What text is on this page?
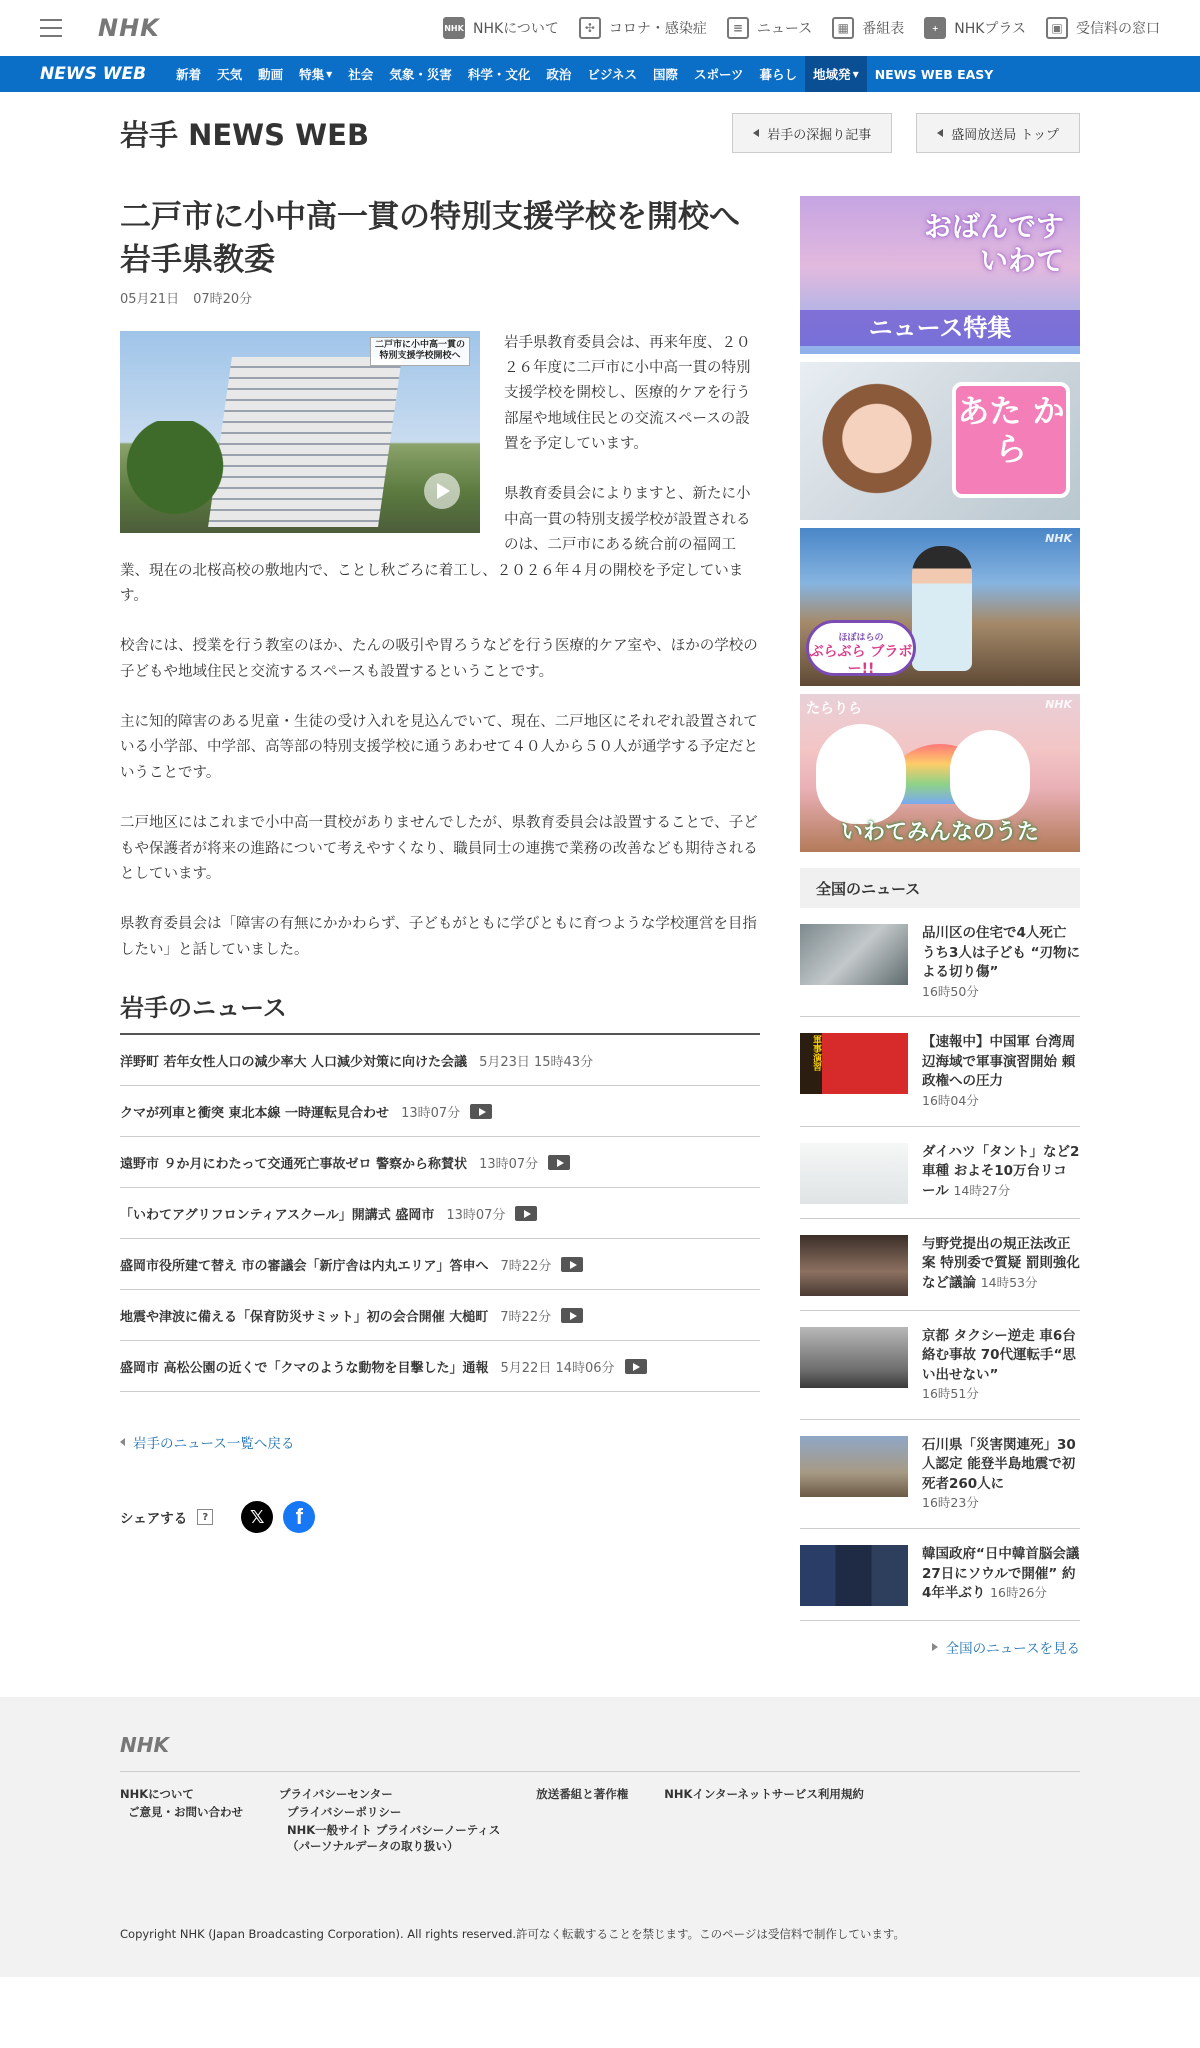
NHK	NHK NHKについて	✣ コロナ・感染症	≡ ニュース	▦ 番組表	+	NHKプラス	▣ 受信料の窓口
NEWS WEB	新着	天気	動画	特集 ▼	社会	気象・災害	科学・文化	政治	ビジネス	国際	スポーツ	暮らし	地域発 ▼	NEWS WEB EASY
岩手 NEWS WEB	岩手の深掘り記事	盛岡放送局 トップ
二戸市に小中高一貫の特別支援学校を開校へ 岩手県教委
05月21日 07時20分
二戸市に小中高一貫の
特別支援学校開校へ

岩手県教育委員会は、再来年度、２０２６年度に二戸市に小中高一貫の特別支援学校を開校し、医療的ケアを行う部屋や地域住民との交流スペースの設置を予定しています。

県教育委員会によりますと、新たに小中高一貫の特別支援学校が設置されるのは、二戸市にある統合前の福岡工業、現在の北桜高校の敷地内で、ことし秋ごろに着工し、２０２６年４月の開校を予定しています。

校舎には、授業を行う教室のほか、たんの吸引や胃ろうなどを行う医療的ケア室や、ほかの学校の子どもや地域住民と交流するスペースも設置するということです。

主に知的障害のある児童・生徒の受け入れを見込んでいて、現在、二戸地区にそれぞれ設置されている小学部、中学部、高等部の特別支援学校に通うあわせて４０人から５０人が通学する予定だということです。

二戸地区にはこれまで小中高一貫校がありませんでしたが、県教育委員会は設置することで、子どもや保護者が将来の進路について考えやすくなり、職員同士の連携で業務の改善なども期待されるとしています。

県教育委員会は「障害の有無にかかわらず、子どもがともに学びともに育つような学校運営を目指したい」と話していました。

岩手のニュース
洋野町 若年女性人口の減少率大 人口減少対策に向けた会議 5月23日 15時43分
クマが列車と衝突 東北本線 一時運転見合わせ 13時07分
遠野市 ９か月にわたって交通死亡事故ゼロ 警察から称賛状 13時07分
「いわてアグリフロンティアスクール」開講式 盛岡市 13時07分
盛岡市役所建て替え 市の審議会「新庁舎は内丸エリア」答申へ 7時22分
地震や津波に備える「保育防災サミット」初の会合開催 大槌町 7時22分
盛岡市 高松公園の近くで「クマのような動物を目撃した」通報 5月22日 14時06分
岩手のニュース一覧へ戻る
シェアする	?	𝕏	f
おばんです
いわて
ニュース特集
あた から
NHK
ほぼはらの
ぶらぶら ブラボー!!
NHK
たらりら
いわてみんなのうた
全国のニュース
品川区の住宅で4人死亡 うち3人は子ども “刃物による切り傷”
16時50分
軍事演習	【速報中】中国軍 台湾周辺海域で軍事演習開始 頼政権への圧力
16時04分
ダイハツ「タント」など2車種 およそ10万台リコール 14時27分
与野党提出の規正法改正案 特別委で質疑 罰則強化など議論 14時53分
京都 タクシー逆走 車6台絡む事故 70代運転手“思い出せない”
16時51分
石川県「災害関連死」30人認定 能登半島地震で初 死者260人に
16時23分
韓国政府“日中韓首脳会議 27日にソウルで開催” 約4年半ぶり 16時26分
全国のニュースを見る
NHK
NHKについて
ご意見・お問い合わせ
プライバシーセンター
プライバシーポリシー
NHK一般サイト プライバシーノーティス
（パーソナルデータの取り扱い）
放送番組と著作権	NHKインターネットサービス利用規約
Copyright NHK (Japan Broadcasting Corporation). All rights reserved.許可なく転載することを禁じます。このページは受信料で制作しています。
